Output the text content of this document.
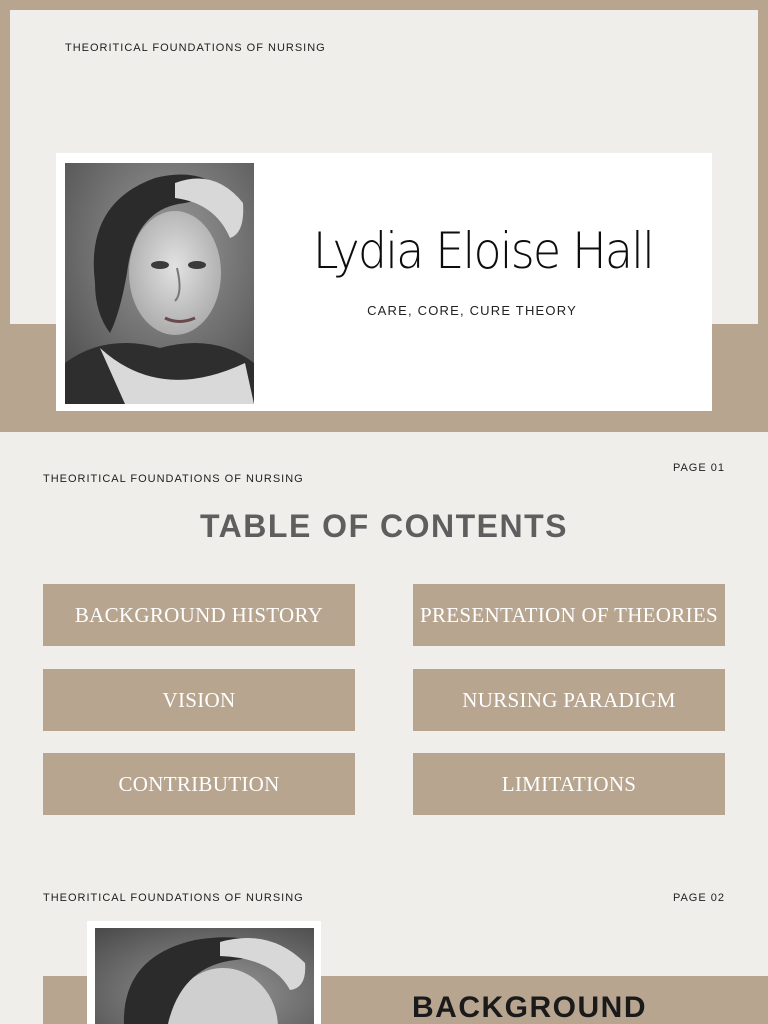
THEORITICAL FOUNDATIONS OF NURSING
Lydia Eloise Hall
CARE, CORE, CURE THEORY
THEORITICAL FOUNDATIONS OF NURSING
PAGE 01
TABLE OF CONTENTS
BACKGROUND HISTORY	PRESENTATION OF THEORIES
VISION	NURSING PARADIGM
CONTRIBUTION	LIMITATIONS
THEORITICAL FOUNDATIONS OF NURSING	PAGE 02
BACKGROUND
